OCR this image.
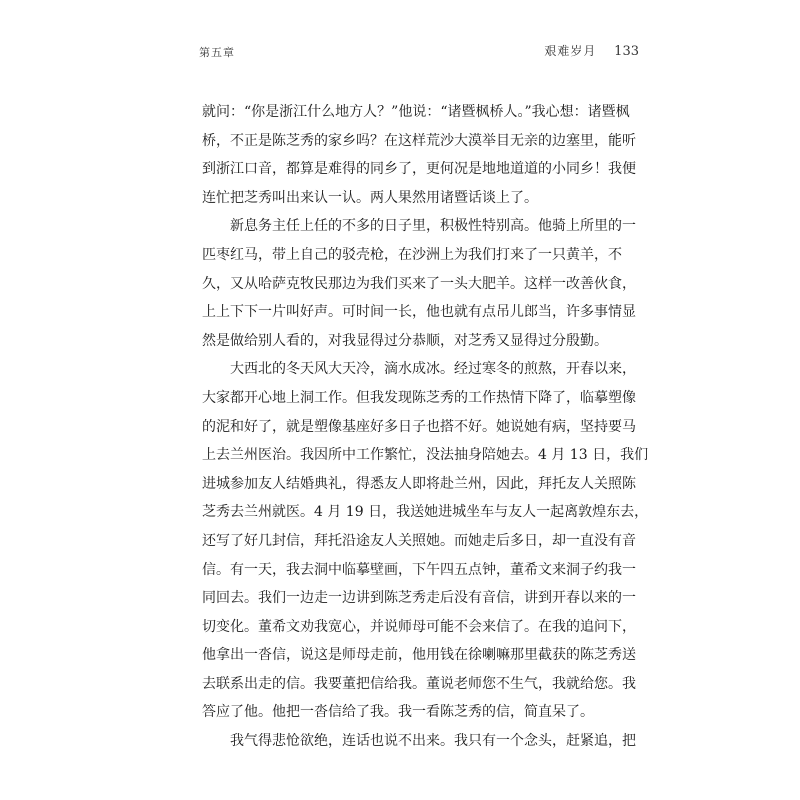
第五章	艰难岁月 133
就问：“你是浙江什么地方人？”他说：“诸暨枫桥人。”我心想：诸暨枫
桥，不正是陈芝秀的家乡吗？在这样荒沙大漠举目无亲的边塞里，能听
到浙江口音，都算是难得的同乡了，更何况是地地道道的小同乡！我便
连忙把芝秀叫出来认一认。两人果然用诸暨话谈上了。
新息务主任上任的不多的日子里，积极性特别高。他骑上所里的一
匹枣红马，带上自己的驳壳枪，在沙洲上为我们打来了一只黄羊，不
久，又从哈萨克牧民那边为我们买来了一头大肥羊。这样一改善伙食，
上上下下一片叫好声。可时间一长，他也就有点吊儿郎当，许多事情显
然是做给别人看的，对我显得过分恭顺，对芝秀又显得过分殷勤。
大西北的冬天风大天冷，滴水成冰。经过寒冬的煎熬，开春以来，
大家都开心地上洞工作。但我发现陈芝秀的工作热情下降了，临摹塑像
的泥和好了，就是塑像基座好多日子也搭不好。她说她有病，坚持要马
上去兰州医治。我因所中工作繁忙，没法抽身陪她去。4 月 13 日，我们
进城参加友人结婚典礼，得悉友人即将赴兰州，因此，拜托友人关照陈
芝秀去兰州就医。4 月 19 日，我送她进城坐车与友人一起离敦煌东去，
还写了好几封信，拜托沿途友人关照她。而她走后多日，却一直没有音
信。有一天，我去洞中临摹壁画，下午四五点钟，董希文来洞子约我一
同回去。我们一边走一边讲到陈芝秀走后没有音信，讲到开春以来的一
切变化。董希文劝我宽心，并说师母可能不会来信了。在我的追问下，
他拿出一沓信，说这是师母走前，他用钱在徐喇嘛那里截获的陈芝秀送
去联系出走的信。我要董把信给我。董说老师您不生气，我就给您。我
答应了他。他把一沓信给了我。我一看陈芝秀的信，简直呆了。
我气得悲怆欲绝，连话也说不出来。我只有一个念头，赶紧追，把
